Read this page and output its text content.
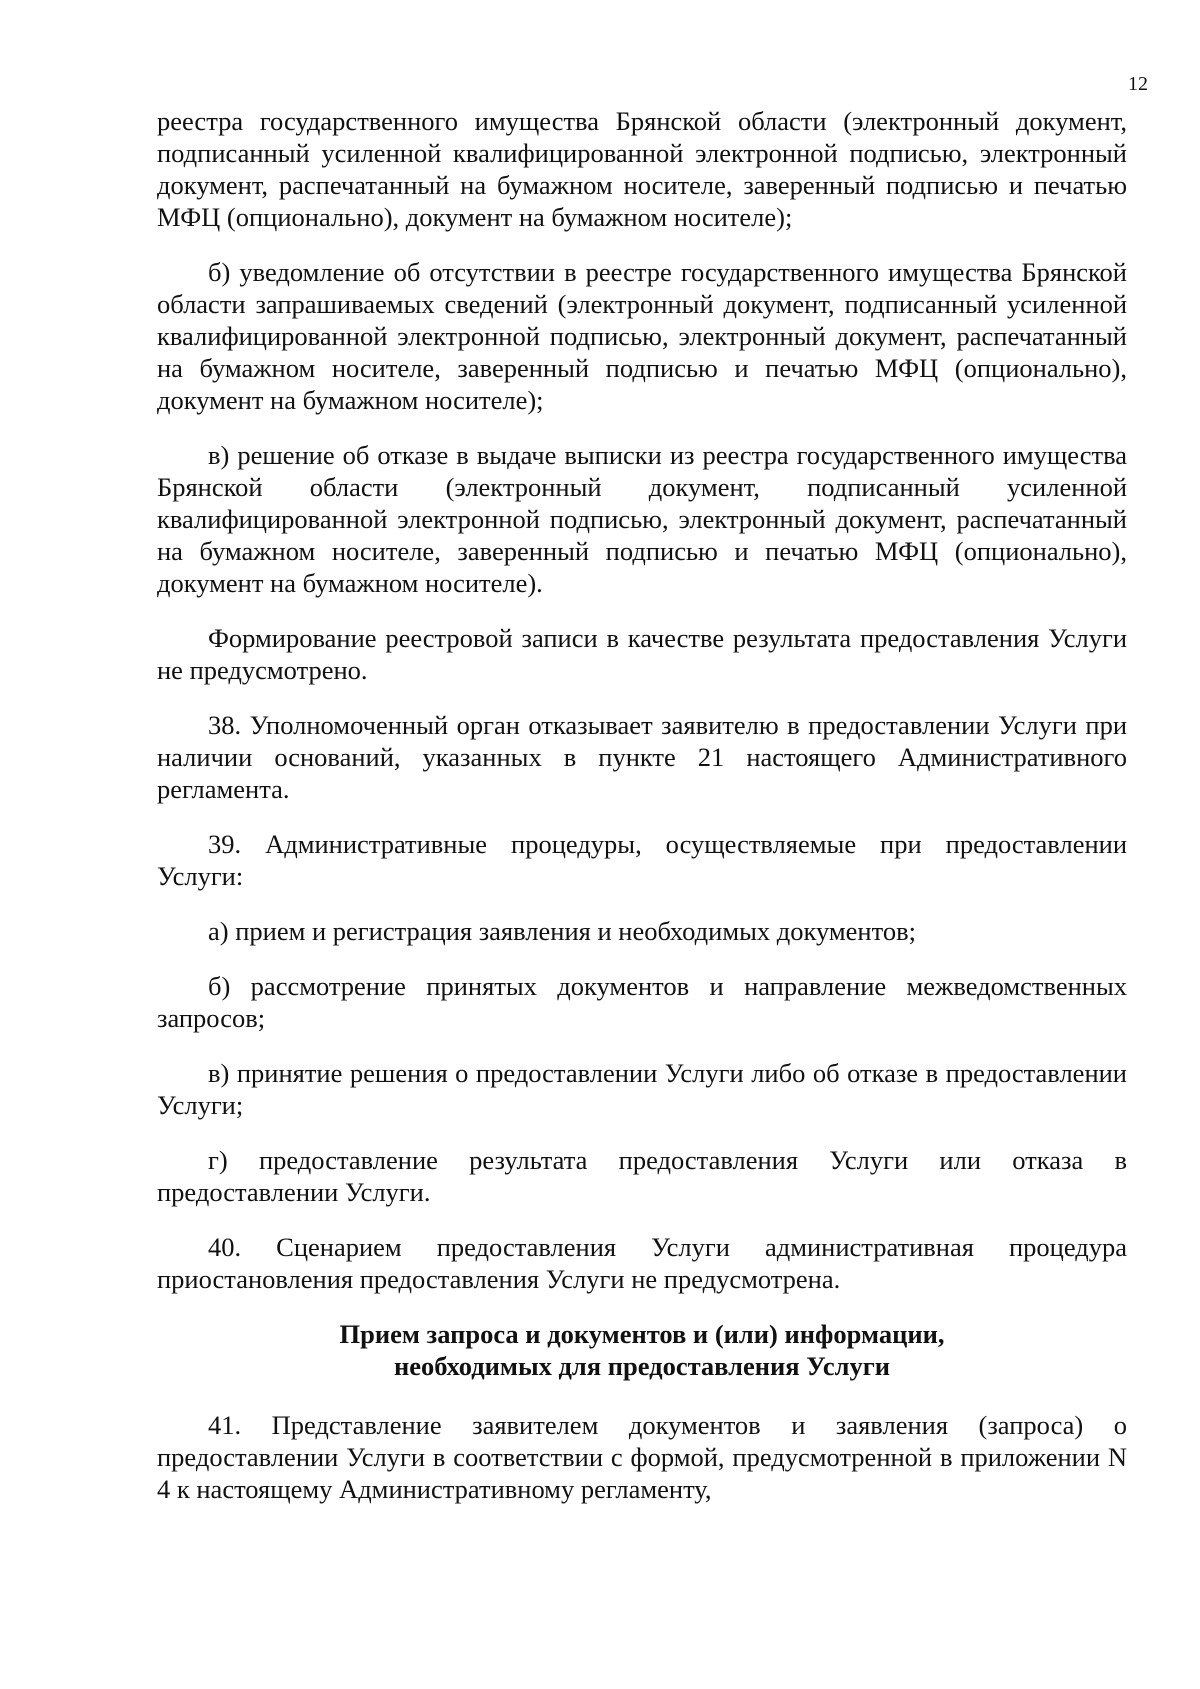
12

реестра государственного имущества Брянской области (электронный документ, подписанный усиленной квалифицированной электронной подписью, электронный документ, распечатанный на бумажном носителе, заверенный подписью и печатью МФЦ (опционально), документ на бумажном носителе);

б) уведомление об отсутствии в реестре государственного имущества Брянской области запрашиваемых сведений (электронный документ, подписанный усиленной квалифицированной электронной подписью, электронный документ, распечатанный на бумажном носителе, заверенный подписью и печатью МФЦ (опционально), документ на бумажном носителе);

в) решение об отказе в выдаче выписки из реестра государственного имущества Брянской области (электронный документ, подписанный усиленной квалифицированной электронной подписью, электронный документ, распечатанный на бумажном носителе, заверенный подписью и печатью МФЦ (опционально), документ на бумажном носителе).

Формирование реестровой записи в качестве результата предоставления Услуги не предусмотрено.

38. Уполномоченный орган отказывает заявителю в предоставлении Услуги при наличии оснований, указанных в пункте 21 настоящего Административного регламента.

39. Административные процедуры, осуществляемые при предоставлении Услуги:

а) прием и регистрация заявления и необходимых документов;

б) рассмотрение принятых документов и направление межведомственных запросов;

в) принятие решения о предоставлении Услуги либо об отказе в предоставлении Услуги;

г) предоставление результата предоставления Услуги или отказа в предоставлении Услуги.

40. Сценарием предоставления Услуги административная процедура приостановления предоставления Услуги не предусмотрена.

Прием запроса и документов и (или) информации,
необходимых для предоставления Услуги

41. Представление заявителем документов и заявления (запроса) о предоставлении Услуги в соответствии с формой, предусмотренной в приложении N 4 к настоящему Административному регламенту,
